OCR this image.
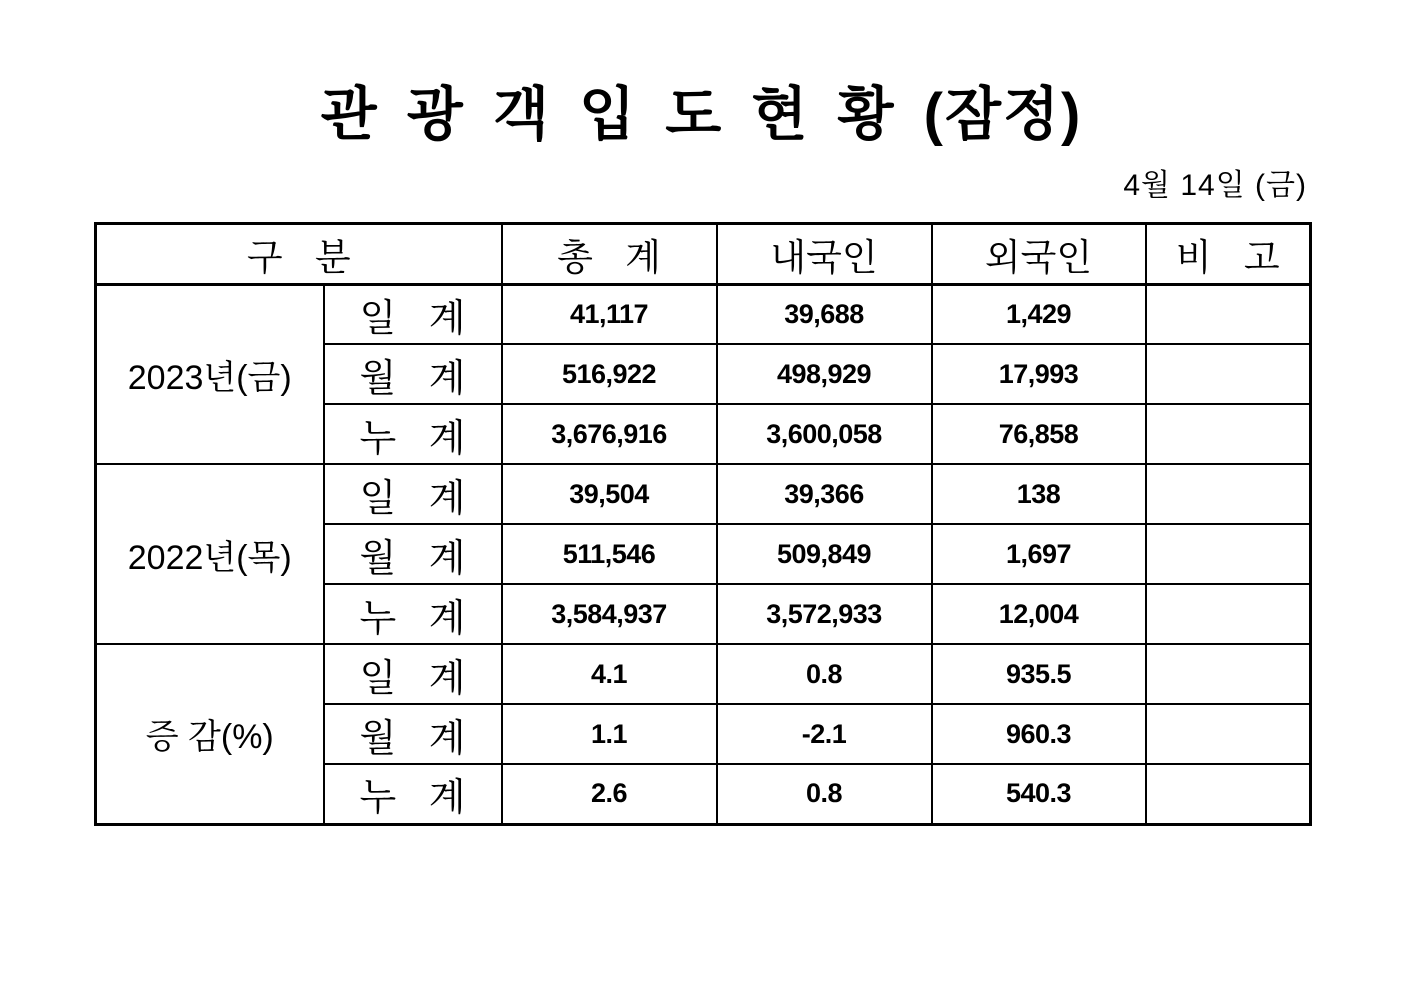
관 광 객 입 도 현 황 (잠정)
4월 14일 (금)
구 분		총 계	내국인	외국인	비 고
2023년(금)	일 계	41,117	39,688	1,429	
	월 계	516,922	498,929	17,993	
	누 계	3,676,916	3,600,058	76,858	
2022년(목)	일 계	39,504	39,366	138	
	월 계	511,546	509,849	1,697	
	누 계	3,584,937	3,572,933	12,004	
증 감(%)	일 계	4.1	0.8	935.5	
	월 계	1.1	-2.1	960.3	
	누 계	2.6	0.8	540.3	
